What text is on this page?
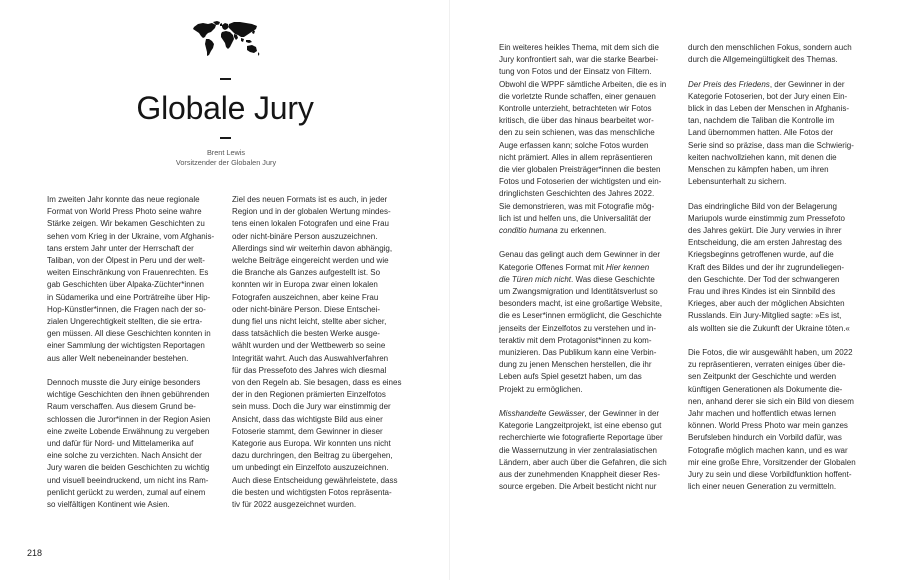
Globale Jury
Brent Lewis
Vorsitzender der Globalen Jury

Im zweiten Jahr konnte das neue regionale
Format von World Press Photo seine wahre
Stärke zeigen. Wir bekamen Geschichten zu
sehen vom Krieg in der Ukraine, vom Afghanis-
tans erstem Jahr unter der Herrschaft der
Taliban, von der Ölpest in Peru und der welt-
weiten Einschränkung von Frauenrechten. Es
gab Geschichten über Alpaka-Züchter*innen
in Südamerika und eine Porträtreihe über Hip-
Hop-Künstler*innen, die Fragen nach der so-
zialen Ungerechtigkeit stellten, die sie ertra-
gen müssen. All diese Geschichten konnten in
einer Sammlung der wichtigsten Reportagen
aus aller Welt nebeneinander bestehen.

Dennoch musste die Jury einige besonders
wichtige Geschichten den ihnen gebührenden
Raum verschaffen. Aus diesem Grund be-
schlossen die Juror*innen in der Region Asien
eine zweite Lobende Erwähnung zu vergeben
und dafür für Nord- und Mittelamerika auf
eine solche zu verzichten. Nach Ansicht der
Jury waren die beiden Geschichten zu wichtig
und visuell beeindruckend, um nicht ins Ram-
penlicht gerückt zu werden, zumal auf einem
so vielfältigen Kontinent wie Asien.

Ziel des neuen Formats ist es auch, in jeder
Region und in der globalen Wertung mindes-
tens einen lokalen Fotografen und eine Frau
oder nicht-binäre Person auszuzeichnen.
Allerdings sind wir weiterhin davon abhängig,
welche Beiträge eingereicht werden und wie
die Branche als Ganzes aufgestellt ist. So
konnten wir in Europa zwar einen lokalen
Fotografen auszeichnen, aber keine Frau
oder nicht-binäre Person. Diese Entschei-
dung fiel uns nicht leicht, stellte aber sicher,
dass tatsächlich die besten Werke ausge-
wählt wurden und der Wettbewerb so seine
Integrität wahrt. Auch das Auswahlverfahren
für das Pressefoto des Jahres wich diesmal
von den Regeln ab. Sie besagen, dass es eines
der in den Regionen prämierten Einzelfotos
sein muss. Doch die Jury war einstimmig der
Ansicht, dass das wichtigste Bild aus einer
Fotoserie stammt, dem Gewinner in dieser
Kategorie aus Europa. Wir konnten uns nicht
dazu durchringen, den Beitrag zu übergehen,
um unbedingt ein Einzelfoto auszuzeichnen.
Auch diese Entscheidung gewährleistete, dass
die besten und wichtigsten Fotos repräsenta-
tiv für 2022 ausgezeichnet wurden.

218

Ein weiteres heikles Thema, mit dem sich die
Jury konfrontiert sah, war die starke Bearbei-
tung von Fotos und der Einsatz von Filtern.
Obwohl die WPPF sämtliche Arbeiten, die es in
die vorletzte Runde schaffen, einer genauen
Kontrolle unterzieht, betrachteten wir Fotos
kritisch, die über das hinaus bearbeitet wor-
den zu sein schienen, was das menschliche
Auge erfassen kann; solche Fotos wurden
nicht prämiert. Alles in allem repräsentieren
die vier globalen Preisträger*innen die besten
Fotos und Fotoserien der wichtigsten und ein-
dringlichsten Geschichten des Jahres 2022.
Sie demonstrieren, was mit Fotografie mög-
lich ist und helfen uns, die Universalität der
conditio humana zu erkennen.

Genau das gelingt auch dem Gewinner in der
Kategorie Offenes Format mit Hier kennen
die Türen mich nicht. Was diese Geschichte
um Zwangsmigration und Identitätsverlust so
besonders macht, ist eine großartige Website,
die es Leser*innen ermöglicht, die Geschichte
jenseits der Einzelfotos zu verstehen und in-
teraktiv mit dem Protagonist*innen zu kom-
munizieren. Das Publikum kann eine Verbin-
dung zu jenen Menschen herstellen, die ihr
Leben aufs Spiel gesetzt haben, um das
Projekt zu ermöglichen.

Misshandelte Gewässer, der Gewinner in der
Kategorie Langzeitprojekt, ist eine ebenso gut
recherchierte wie fotografierte Reportage über
die Wassernutzung in vier zentralasiatischen
Ländern, aber auch über die Gefahren, die sich
aus der zunehmenden Knappheit dieser Res-
source ergeben. Die Arbeit besticht nicht nur

durch den menschlichen Fokus, sondern auch
durch die Allgemeingültigkeit des Themas.

Der Preis des Friedens, der Gewinner in der
Kategorie Fotoserien, bot der Jury einen Ein-
blick in das Leben der Menschen in Afghanis-
tan, nachdem die Taliban die Kontrolle im
Land übernommen hatten. Alle Fotos der
Serie sind so präzise, dass man die Schwierig-
keiten nachvollziehen kann, mit denen die
Menschen zu kämpfen haben, um ihren
Lebensunterhalt zu sichern.

Das eindringliche Bild von der Belagerung
Mariupols wurde einstimmig zum Pressefoto
des Jahres gekürt. Die Jury verwies in ihrer
Entscheidung, die am ersten Jahrestag des
Kriegsbeginns getroffenen wurde, auf die
Kraft des Bildes und der ihr zugrundeliegen-
den Geschichte. Der Tod der schwangeren
Frau und ihres Kindes ist ein Sinnbild des
Krieges, aber auch der möglichen Absichten
Russlands. Ein Jury-Mitglied sagte: »Es ist,
als wollten sie die Zukunft der Ukraine töten.«

Die Fotos, die wir ausgewählt haben, um 2022
zu repräsentieren, verraten einiges über die-
sen Zeitpunkt der Geschichte und werden
künftigen Generationen als Dokumente die-
nen, anhand derer sie sich ein Bild von diesem
Jahr machen und hoffentlich etwas lernen
können. World Press Photo war mein ganzes
Berufsleben hindurch ein Vorbild dafür, was
Fotografie möglich machen kann, und es war
mir eine große Ehre, Vorsitzender der Globalen
Jury zu sein und diese Vorbildfunktion hoffent-
lich einer neuen Generation zu vermitteln.
